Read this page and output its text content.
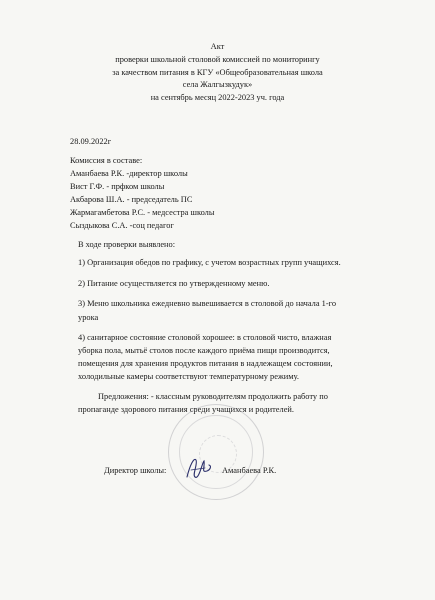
Акт
проверки школьной столовой комиссией по мониторингу
за качеством питания в КГУ «Общеобразовательная школа
села Жалгызкудук»
на сентябрь месяц 2022-2023 уч. года
28.09.2022г
Комиссия в составе:
Аманбаева Р.К. -директор школы
Вист Г.Ф. - прфком школы
Акбарова Ш.А. - председатель ПС
Жармагамбетова Р.С. - медсестра школы
Сыздыкова С.А. -соц педагог
В ходе проверки выявлено:
1) Организация обедов по графику, с учетом возрастных групп учащихся.
2) Питание осуществляется по утвержденному меню.
3) Меню школьника ежедневно вывешивается в столовой до начала 1-го
урока
4) санитарное состояние столовой хорошее: в столовой чисто, влажная
уборка пола, мытьё столов после каждого приёма пищи производится,
помещения для хранения продуктов питания в надлежащем состоянии,
холодильные камеры соответствуют температурному режиму.
Предложения: - классным руководителям продолжить работу по
пропаганде здорового питания среди учащихся и родителей.
Директор школы:	Аманбаева Р.К.
